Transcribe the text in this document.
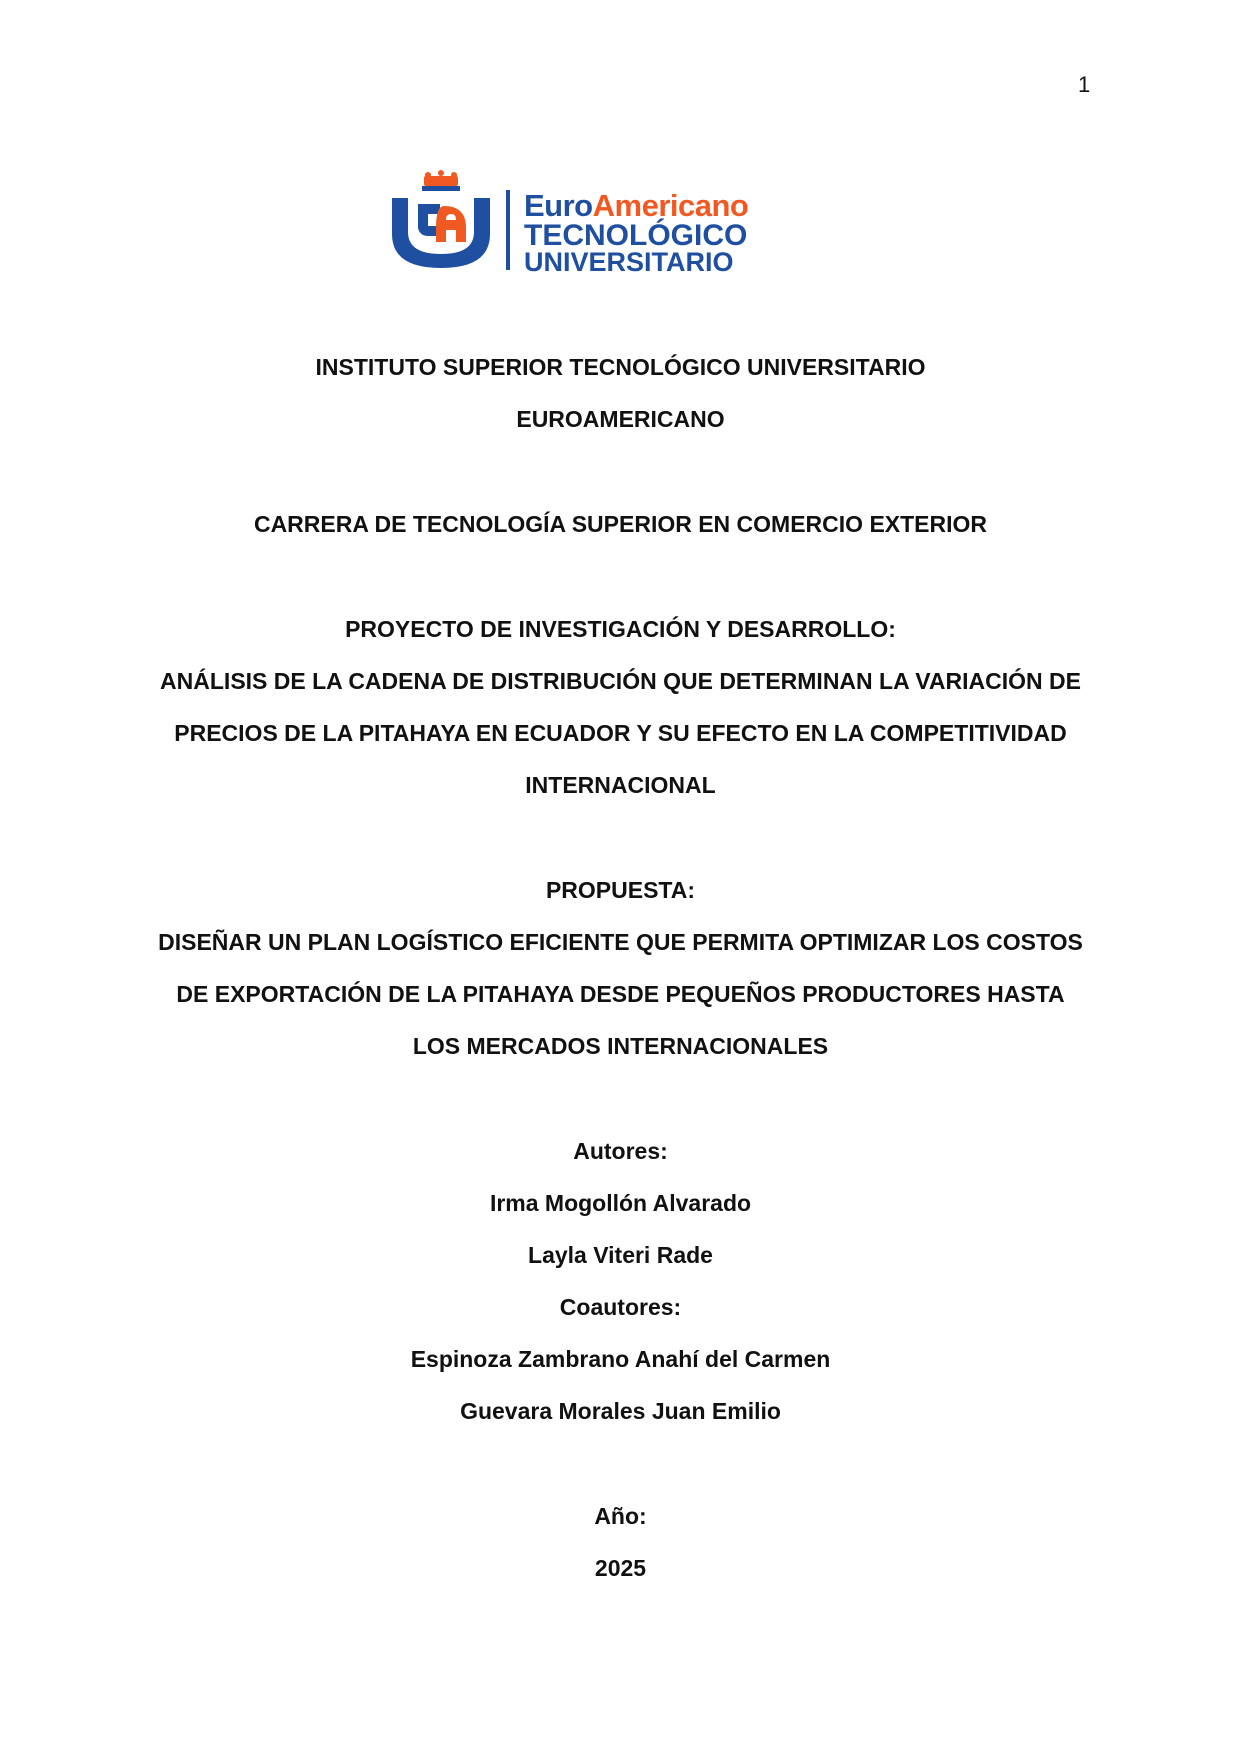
1
EuroAmericano
TECNOLÓGICO
UNIVERSITARIO
INSTITUTO SUPERIOR TECNOLÓGICO UNIVERSITARIO
EUROAMERICANO
CARRERA DE TECNOLOGÍA SUPERIOR EN COMERCIO EXTERIOR
PROYECTO DE INVESTIGACIÓN Y DESARROLLO:
ANÁLISIS DE LA CADENA DE DISTRIBUCIÓN QUE DETERMINAN LA VARIACIÓN DE
PRECIOS DE LA PITAHAYA EN ECUADOR Y SU EFECTO EN LA COMPETITIVIDAD
INTERNACIONAL
PROPUESTA:
DISEÑAR UN PLAN LOGÍSTICO EFICIENTE QUE PERMITA OPTIMIZAR LOS COSTOS
DE EXPORTACIÓN DE LA PITAHAYA DESDE PEQUEÑOS PRODUCTORES HASTA
LOS MERCADOS INTERNACIONALES
Autores:
Irma Mogollón Alvarado
Layla Viteri Rade
Coautores:
Espinoza Zambrano Anahí del Carmen
Guevara Morales Juan Emilio
Año:
2025
